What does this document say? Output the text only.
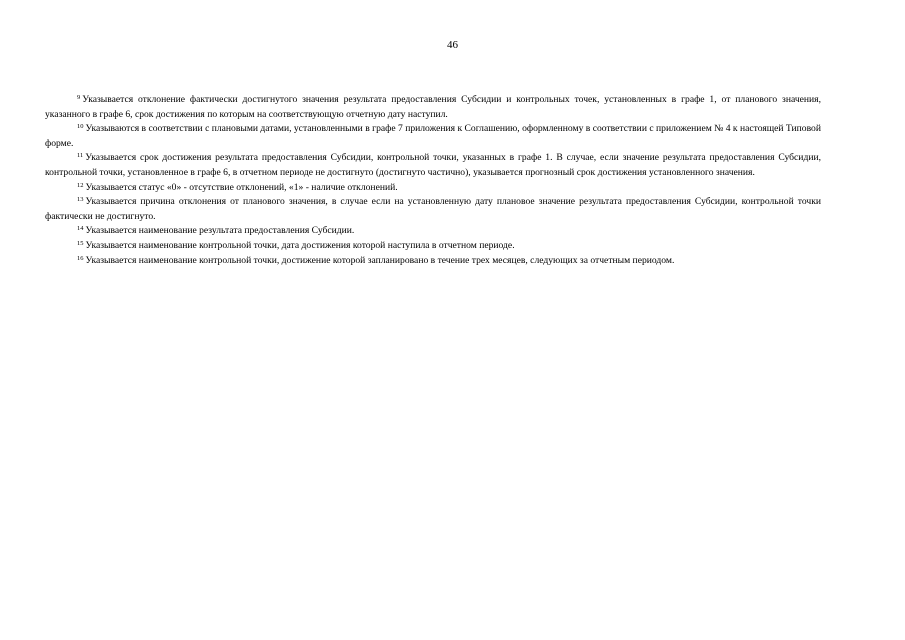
46

$^9$ Указывается отклонение фактически достигнутого значения результата предоставления Субсидии и контрольных точек, установленных в графе 1, от планового значения, указанного в графе 6, срок достижения по которым на соответствующую отчетную дату наступил.

$^{10}$ Указываются в соответствии с плановыми датами, установленными в графе 7 приложения к Соглашению, оформленному в соответствии с приложением № 4 к настоящей Типовой форме.

$^{11}$ Указывается срок достижения результата предоставления Субсидии, контрольной точки, указанных в графе 1. В случае, если значение результата предоставления Субсидии, контрольной точки, установленное в графе 6, в отчетном периоде не достигнуто (достигнуто частично), указывается прогнозный срок достижения установленного значения.

$^{12}$ Указывается статус «0» - отсутствие отклонений, «1» - наличие отклонений.

$^{13}$ Указывается причина отклонения от планового значения, в случае если на установленную дату плановое значение результата предоставления Субсидии, контрольной точки фактически не достигнуто.

$^{14}$ Указывается наименование результата предоставления Субсидии.

$^{15}$ Указывается наименование контрольной точки, дата достижения которой наступила в отчетном периоде.

$^{16}$ Указывается наименование контрольной точки, достижение которой запланировано в течение трех месяцев, следующих за отчетным периодом.
